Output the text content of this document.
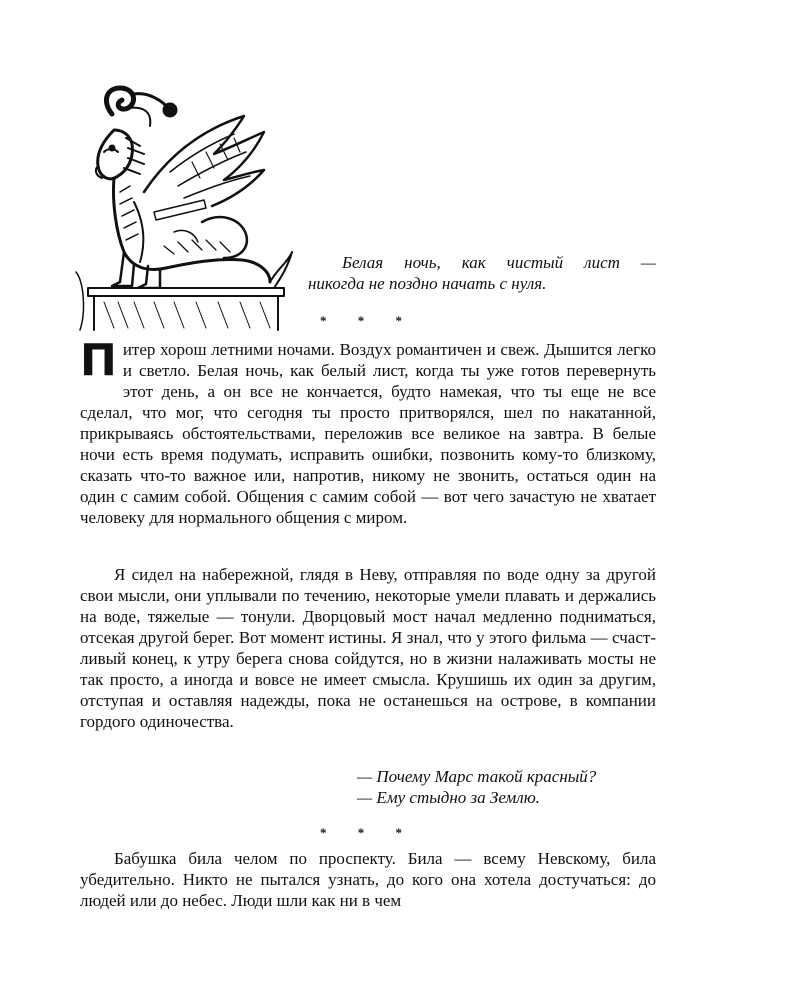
Белая ночь, как чистый лист —
никогда не поздно начать с нуля.
* * *

Питер хорош летними ночами. Воздух романтичен и свеж. Дышится легко и светло. Белая ночь, как белый лист, когда ты уже готов перевернуть этот день, а он все не кончается, будто намекая, что ты еще не все сделал, что мог, что сегодня ты просто притворялся, шел по накатанной, прикрываясь обстоятельствами, переложив все великое на завтра. В белые ночи есть время подумать, исправить ошибки, позвонить кому-то близкому, сказать что-то важное или, напротив, никому не звонить, остаться один на один с самим собой. Общения с самим собой — вот чего зачастую не хватает человеку для нормального общения с миром.

Я сидел на набережной, глядя в Неву, отправляя по воде одну за другой свои мысли, они уплывали по течению, некоторые умели плавать и держались на воде, тяжелые — тонули. Дворцовый мост начал медленно подниматься, отсекая другой берег. Вот момент истины. Я знал, что у этого фильма — счастливый конец, к утру берега снова сойдутся, но в жизни налаживать мосты не так просто, а иногда и вовсе не имеет смысла. Крушишь их один за другим, отступая и оставляя надежды, пока не останешься на острове, в компании гордого одиночества.

— Почему Марс такой красный?
— Ему стыдно за Землю.
* * *

Бабушка била челом по проспекту. Била — всему Невскому, била убедительно. Никто не пытался узнать, до кого она хотела достучаться: до людей или до небес. Люди шли как ни в чем
